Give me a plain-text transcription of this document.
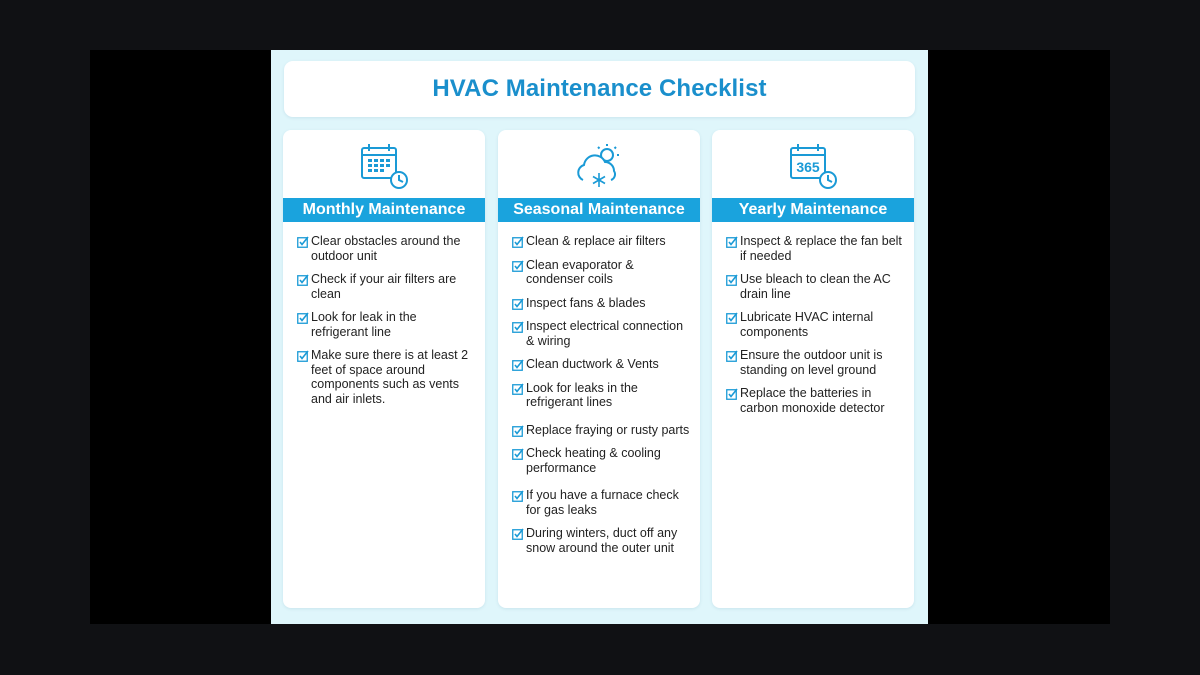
HVAC Maintenance Checklist
Monthly Maintenance
Clear obstacles around the outdoor unit
Check if your air filters are clean
Look for leak in the refrigerant line
Make sure there is at least 2 feet of space around components such as vents and air inlets.
Seasonal Maintenance
Clean & replace air filters
Clean evaporator & condenser coils
Inspect fans & blades
Inspect electrical connection & wiring
Clean ductwork & Vents
Look for leaks in the refrigerant lines
Replace fraying or rusty parts
Check heating & cooling performance
If you have a furnace check for gas leaks
During winters, duct off any snow around the outer unit
365
Yearly Maintenance
Inspect & replace the fan belt if needed
Use bleach to clean the AC drain line
Lubricate HVAC internal components
Ensure the outdoor unit is standing on level ground
Replace the batteries in carbon monoxide detector
